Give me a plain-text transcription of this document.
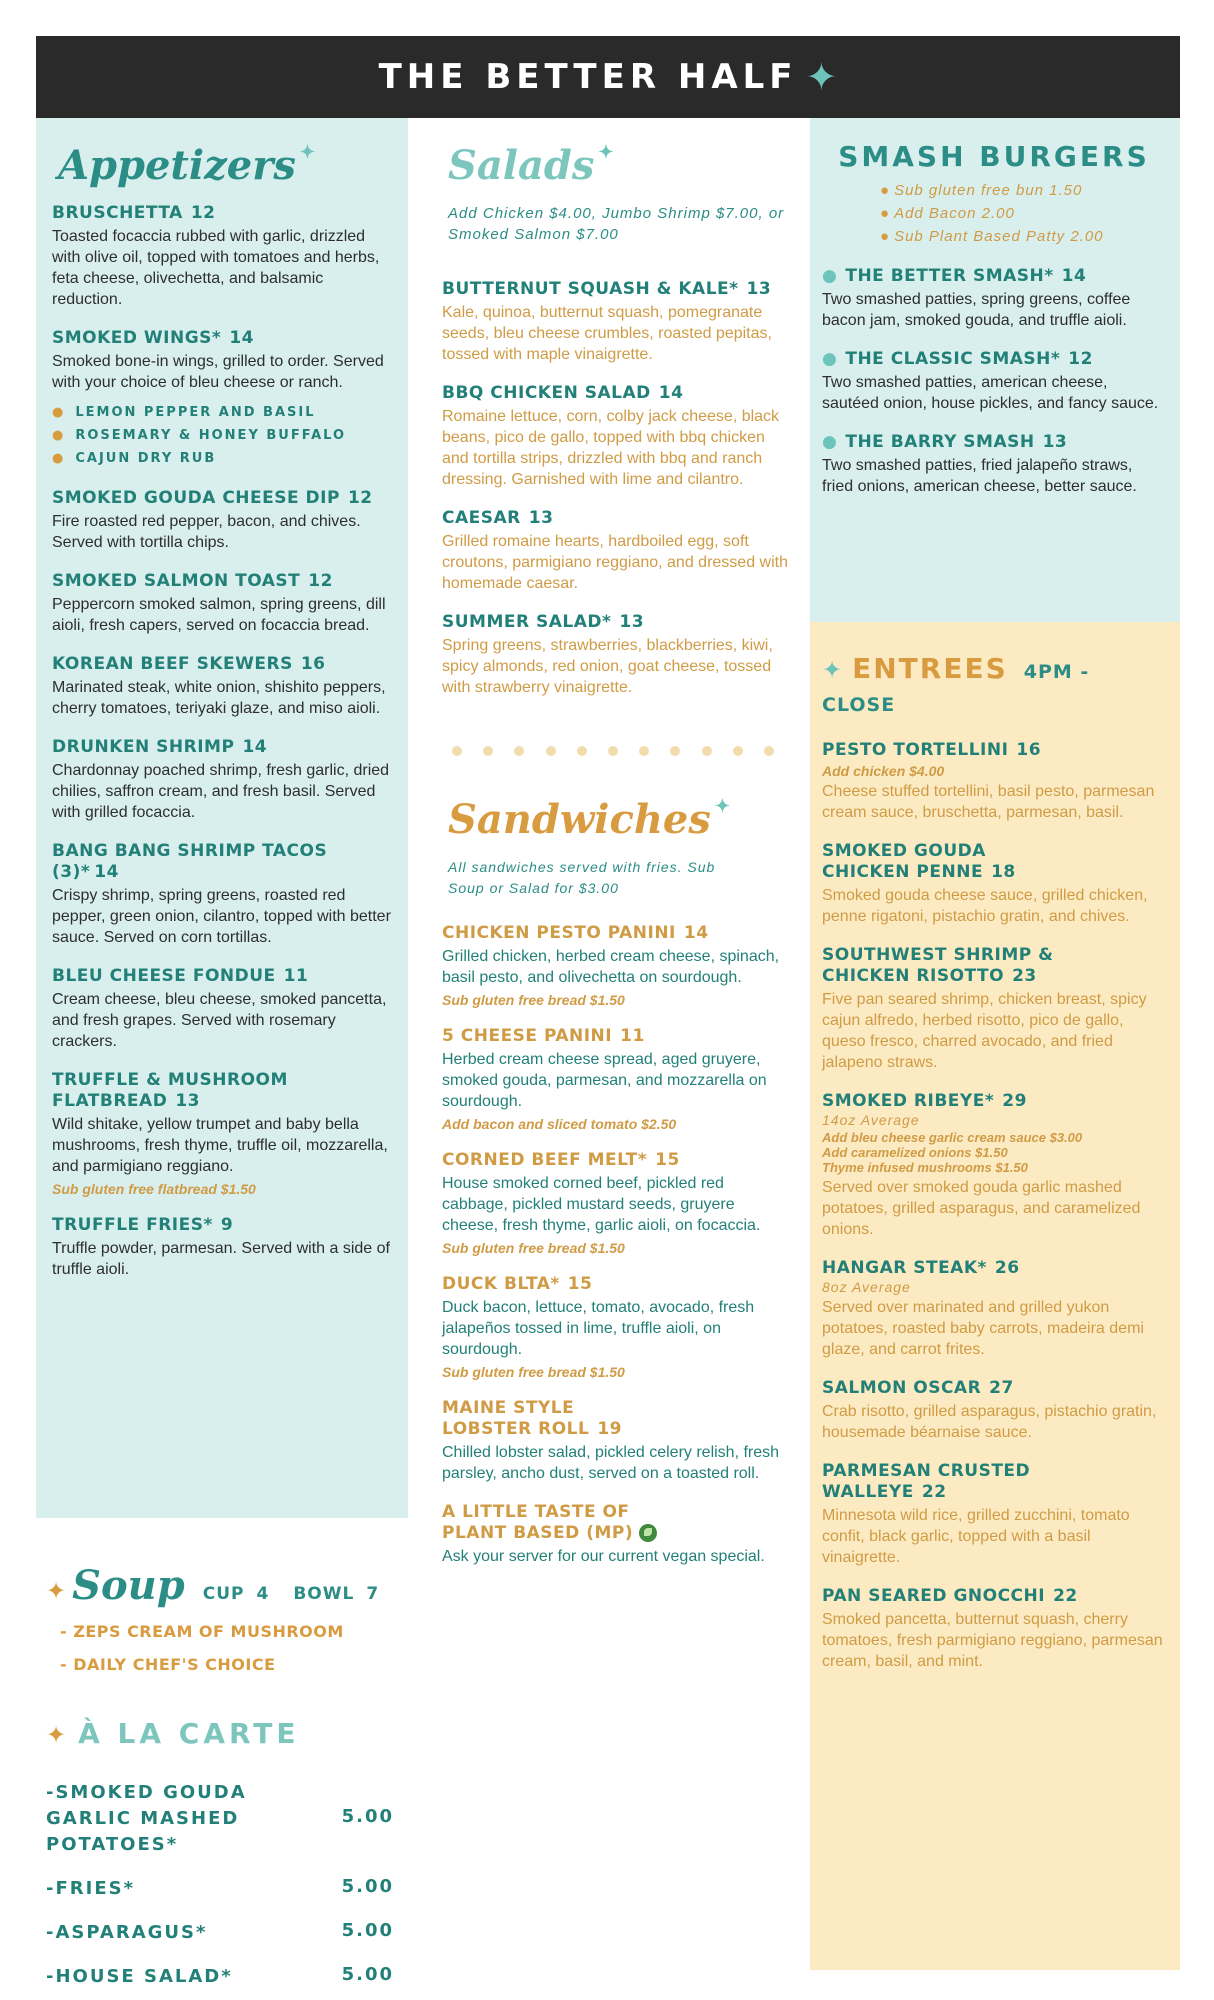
THE BETTER HALF ✦
Appetizers ✦
BRUSCHETTA 12
Toasted focaccia rubbed with garlic, drizzled with olive oil, topped with tomatoes and herbs, feta cheese, olivechetta, and balsamic reduction.
SMOKED WINGS* 14
Smoked bone-in wings, grilled to order. Served with your choice of bleu cheese or ranch.
● LEMON PEPPER AND BASIL
● ROSEMARY & HONEY BUFFALO
● CAJUN DRY RUB
SMOKED GOUDA CHEESE DIP 12
Fire roasted red pepper, bacon, and chives. Served with tortilla chips.
SMOKED SALMON TOAST 12
Peppercorn smoked salmon, spring greens, dill aioli, fresh capers, served on focaccia bread.
KOREAN BEEF SKEWERS 16
Marinated steak, white onion, shishito peppers, cherry tomatoes, teriyaki glaze, and miso aioli.
DRUNKEN SHRIMP 14
Chardonnay poached shrimp, fresh garlic, dried chilies, saffron cream, and fresh basil. Served with grilled focaccia.
BANG BANG SHRIMP TACOS (3)* 14
Crispy shrimp, spring greens, roasted red pepper, green onion, cilantro, topped with better sauce. Served on corn tortillas.
BLEU CHEESE FONDUE 11
Cream cheese, bleu cheese, smoked pancetta, and fresh grapes. Served with rosemary crackers.
TRUFFLE & MUSHROOM FLATBREAD 13
Wild shitake, yellow trumpet and baby bella mushrooms, fresh thyme, truffle oil, mozzarella, and parmigiano reggiano.
Sub gluten free flatbread $1.50
TRUFFLE FRIES* 9
Truffle powder, parmesan. Served with a side of truffle aioli.
✦ Soup CUP 4 BOWL 7
- ZEPS CREAM OF MUSHROOM
- DAILY CHEF'S CHOICE
✦ À LA CARTE
-SMOKED GOUDA GARLIC MASHED POTATOES*
5.00
-FRIES*	5.00
-ASPARAGUS*	5.00
-HOUSE SALAD*	5.00
Salads ✦
Add Chicken $4.00, Jumbo Shrimp $7.00, or Smoked Salmon $7.00
BUTTERNUT SQUASH & KALE* 13
Kale, quinoa, butternut squash, pomegranate seeds, bleu cheese crumbles, roasted pepitas, tossed with maple vinaigrette.
BBQ CHICKEN SALAD 14
Romaine lettuce, corn, colby jack cheese, black beans, pico de gallo, topped with bbq chicken and tortilla strips, drizzled with bbq and ranch dressing. Garnished with lime and cilantro.
CAESAR 13
Grilled romaine hearts, hardboiled egg, soft croutons, parmigiano reggiano, and dressed with homemade caesar.
SUMMER SALAD* 13
Spring greens, strawberries, blackberries, kiwi, spicy almonds, red onion, goat cheese, tossed with strawberry vinaigrette.
Sandwiches ✦
All sandwiches served with fries. Sub Soup or Salad for $3.00
CHICKEN PESTO PANINI 14
Grilled chicken, herbed cream cheese, spinach, basil pesto, and olivechetta on sourdough.
Sub gluten free bread $1.50
5 CHEESE PANINI 11
Herbed cream cheese spread, aged gruyere, smoked gouda, parmesan, and mozzarella on sourdough.
Add bacon and sliced tomato $2.50
CORNED BEEF MELT* 15
House smoked corned beef, pickled red cabbage, pickled mustard seeds, gruyere cheese, fresh thyme, garlic aioli, on focaccia.
Sub gluten free bread $1.50
DUCK BLTA* 15
Duck bacon, lettuce, tomato, avocado, fresh jalapeños tossed in lime, truffle aioli, on sourdough.
Sub gluten free bread $1.50
MAINE STYLE LOBSTER ROLL 19
Chilled lobster salad, pickled celery relish, fresh parsley, ancho dust, served on a toasted roll.
A LITTLE TASTE OF PLANT BASED (MP)
Ask your server for our current vegan special.
SMASH BURGERS
● Sub gluten free bun 1.50
● Add Bacon 2.00
● Sub Plant Based Patty 2.00
● THE BETTER SMASH* 14
Two smashed patties, spring greens, coffee bacon jam, smoked gouda, and truffle aioli.
● THE CLASSIC SMASH* 12
Two smashed patties, american cheese, sautéed onion, house pickles, and fancy sauce.
● THE BARRY SMASH 13
Two smashed patties, fried jalapeño straws, fried onions, american cheese, better sauce.
✦ ENTREES 4PM - CLOSE
PESTO TORTELLINI 16
Add chicken $4.00
Cheese stuffed tortellini, basil pesto, parmesan cream sauce, bruschetta, parmesan, basil.
SMOKED GOUDA CHICKEN PENNE 18
Smoked gouda cheese sauce, grilled chicken, penne rigatoni, pistachio gratin, and chives.
SOUTHWEST SHRIMP & CHICKEN RISOTTO 23
Five pan seared shrimp, chicken breast, spicy cajun alfredo, herbed risotto, pico de gallo, queso fresco, charred avocado, and fried jalapeno straws.
SMOKED RIBEYE* 29
14oz Average
Add bleu cheese garlic cream sauce $3.00
Add caramelized onions $1.50
Thyme infused mushrooms $1.50
Served over smoked gouda garlic mashed potatoes, grilled asparagus, and caramelized onions.
HANGAR STEAK* 26
8oz Average
Served over marinated and grilled yukon potatoes, roasted baby carrots, madeira demi glaze, and carrot frites.
SALMON OSCAR 27
Crab risotto, grilled asparagus, pistachio gratin, housemade béarnaise sauce.
PARMESAN CRUSTED WALLEYE 22
Minnesota wild rice, grilled zucchini, tomato confit, black garlic, topped with a basil vinaigrette.
PAN SEARED GNOCCHI 22
Smoked pancetta, butternut squash, cherry tomatoes, fresh parmigiano reggiano, parmesan cream, basil, and mint.
